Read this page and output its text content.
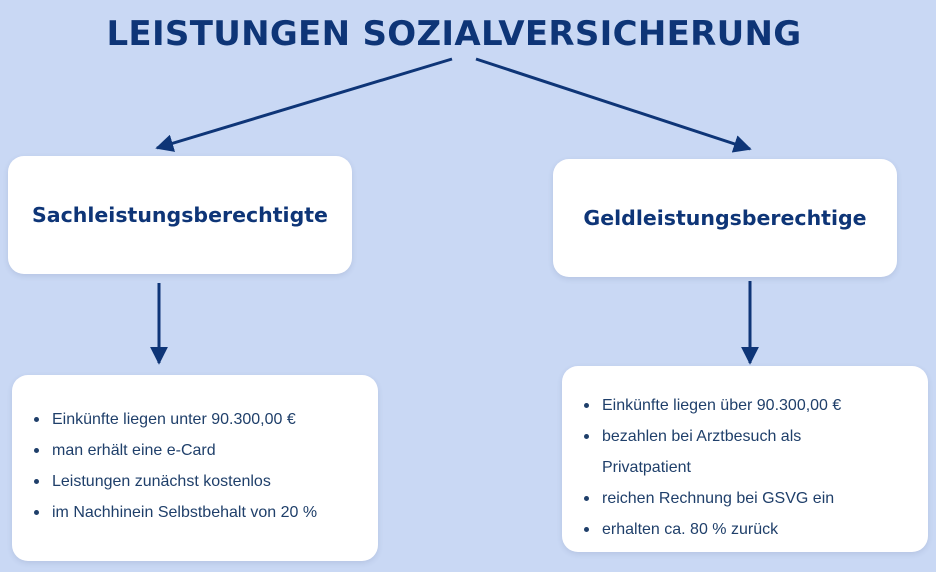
LEISTUNGEN SOZIALVERSICHERUNG
Sachleistungsberechtigte	Geldleistungsberechtige
Einkünfte liegen unter 90.300,00 €
man erhält eine e-Card
Leistungen zunächst kostenlos
im Nachhinein Selbstbehalt von 20 %
Einkünfte liegen über 90.300,00 €
bezahlen bei Arztbesuch als
Privatpatient
reichen Rechnung bei GSVG ein
erhalten ca. 80 % zurück
